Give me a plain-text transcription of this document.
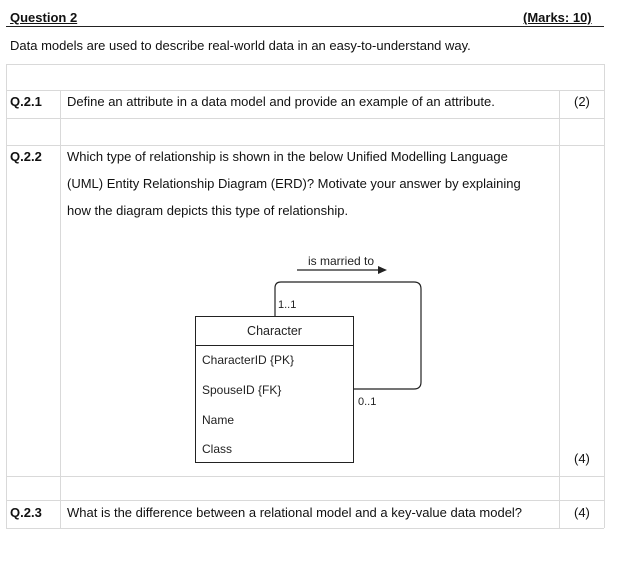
Question 2	(Marks: 10)
Data models are used to describe real-world data in an easy-to-understand way.
Q.2.1 Define an attribute in a data model and provide an example of an attribute.	(2)
Q.2.2 Which type of relationship is shown in the below Unified Modelling Language
(UML) Entity Relationship Diagram (ERD)? Motivate your answer by explaining
how the diagram depicts this type of relationship.
(4)
is married to
1..1
0..1
Character
CharacterID {PK}
SpouseID {FK}
Name
Class
Q.2.3 What is the difference between a relational model and a key-value data model?	(4)
